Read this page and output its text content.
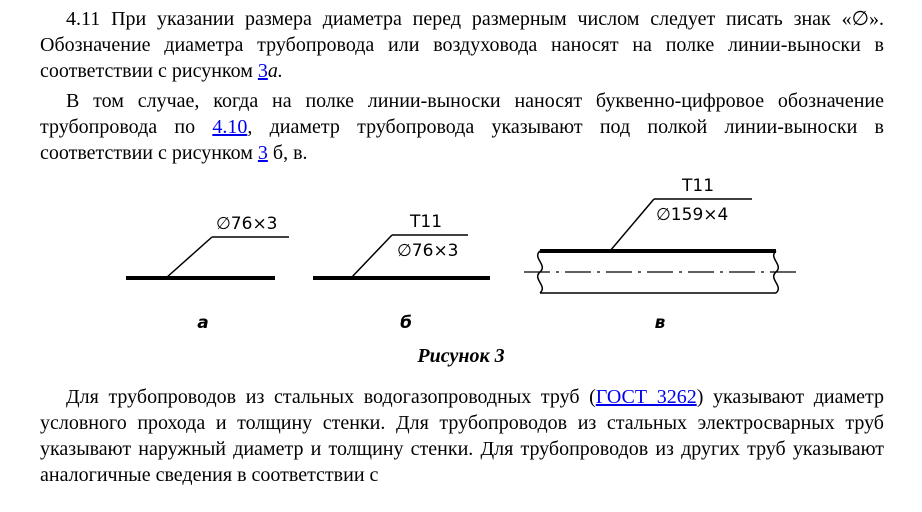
4.11 При указании размера диаметра перед размерным числом следует писать знак «∅». Обозначение диаметра трубопровода или воздуховода наносят на полке линии-выноски в соответствии с рисунком 3а.

В том случае, когда на полке линии-выноски наносят буквенно-цифровое обозначение трубопровода по 4.10, диаметр трубопровода указывают под полкой линии-выноски в соответствии с рисунком 3 б, в.

∅76×3
а
Т11
∅76×3
б
Т11
∅159×4
в
Рисунок 3

Для трубопроводов из стальных водогазопроводных труб (ГОСТ 3262) указывают диаметр условного прохода и толщину стенки. Для трубопроводов из стальных электросварных труб указывают наружный диаметр и толщину стенки. Для трубопроводов из других труб указывают аналогичные сведения в соответствии с
